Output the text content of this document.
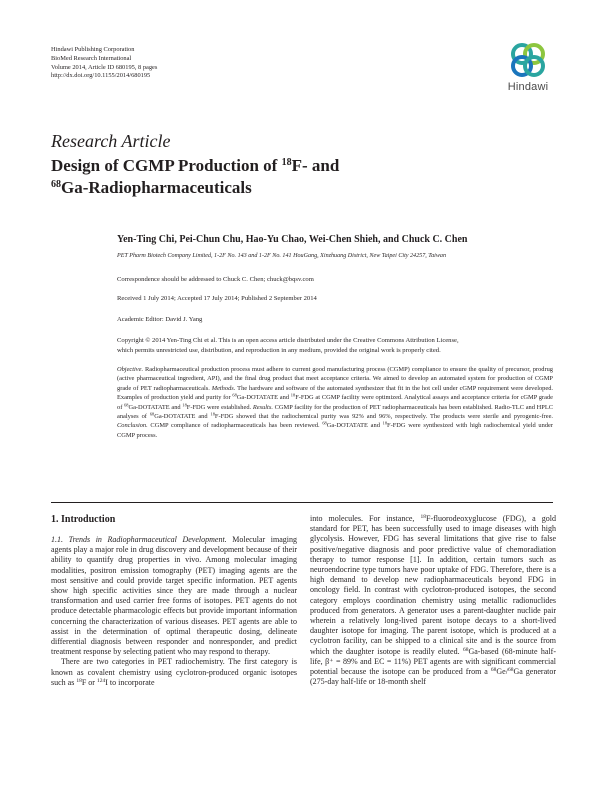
Hindawi Publishing Corporation
BioMed Research International
Volume 2014, Article ID 680195, 8 pages
http://dx.doi.org/10.1155/2014/680195
Hindawi
Research Article
Design of CGMP Production of $^{18}$F- and
$^{68}$Ga-Radiopharmaceuticals
Yen-Ting Chi, Pei-Chun Chu, Hao-Yu Chao, Wei-Chen Shieh, and Chuck C. Chen
PET Pharm Biotech Company Limited, 1-2F No. 143 and 1-2F No. 141 HouGang, Xinzhuang District, New Taipei City 24257, Taiwan
Correspondence should be addressed to Chuck C. Chen; chuck@bqsv.com
Received 1 July 2014; Accepted 17 July 2014; Published 2 September 2014
Academic Editor: David J. Yang
Copyright © 2014 Yen-Ting Chi et al. This is an open access article distributed under the Creative Commons Attribution License,
which permits unrestricted use, distribution, and reproduction in any medium, provided the original work is properly cited.
Objective. Radiopharmaceutical production process must adhere to current good manufacturing process (CGMP) compliance to ensure the quality of precursor, prodrug (active pharmaceutical ingredient, API), and the final drug product that meet acceptance criteria. We aimed to develop an automated system for production of CGMP grade of PET radiopharmaceuticals. Methods. The hardware and software of the automated synthesizer that fit in the hot cell under cGMP requirement were developed. Examples of production yield and purity for $^{68}$Ga-DOTATATE and $^{18}$F-FDG at CGMP facility were optimized. Analytical assays and acceptance criteria for cGMP grade of $^{68}$Ga-DOTATATE and $^{18}$F-FDG were established. Results. CGMP facility for the production of PET radiopharmaceuticals has been established. Radio-TLC and HPLC analyses of $^{68}$Ga-DOTATATE and $^{18}$F-FDG showed that the radiochemical purity was 92% and 96%, respectively. The products were sterile and pyrogenic-free. Conclusion. CGMP compliance of radiopharmaceuticals has been reviewed. $^{68}$Ga-DOTATATE and $^{18}$F-FDG were synthesized with high radiochemical yield under CGMP process.
1. Introduction

1.1. Trends in Radiopharmaceutical Development. Molecular imaging agents play a major role in drug discovery and development because of their ability to quantify drug properties in vivo. Among molecular imaging modalities, positron emission tomography (PET) imaging agents are the most sensitive and could provide target specific information. PET agents show high specific activities since they are made through a nuclear transformation and used carrier free forms of isotopes. PET agents do not produce detectable pharmacologic effects but provide important information concerning the characterization of various diseases. PET agents are able to assist in the determination of optimal therapeutic dosing, delineate differential diagnosis between responder and nonresponder, and predict treatment response by selecting patient who may respond to therapy.

There are two categories in PET radiochemistry. The first category is known as covalent chemistry using cyclotron-produced organic isotopes such as $^{18}$F or $^{124}$I to incorporate

into molecules. For instance, $^{18}$F-fluorodeoxyglucose (FDG), a gold standard for PET, has been successfully used to image diseases with high glycolysis. However, FDG has several limitations that give rise to false positive/negative diagnosis and poor predictive value of chemoradiation therapy to tumor response [1]. In addition, certain tumors such as neuroendocrine type tumors have poor uptake of FDG. Therefore, there is a high demand to develop new radiopharmaceuticals beyond FDG in oncology field. In contrast with cyclotron-produced isotopes, the second category employs coordination chemistry using metallic radionuclides produced from generators. A generator uses a parent-daughter nuclide pair wherein a relatively long-lived parent isotope decays to a short-lived daughter isotope for imaging. The parent isotope, which is produced at a cyclotron facility, can be shipped to a clinical site and is the source from which the daughter isotope is readily eluted. $^{68}$Ga-based (68-minute half-life, β⁺ = 89% and EC = 11%) PET agents are with significant commercial potential because the isotope can be produced from a $^{68}$Ge/$^{68}$Ga generator (275-day half-life or 18-month shelf
